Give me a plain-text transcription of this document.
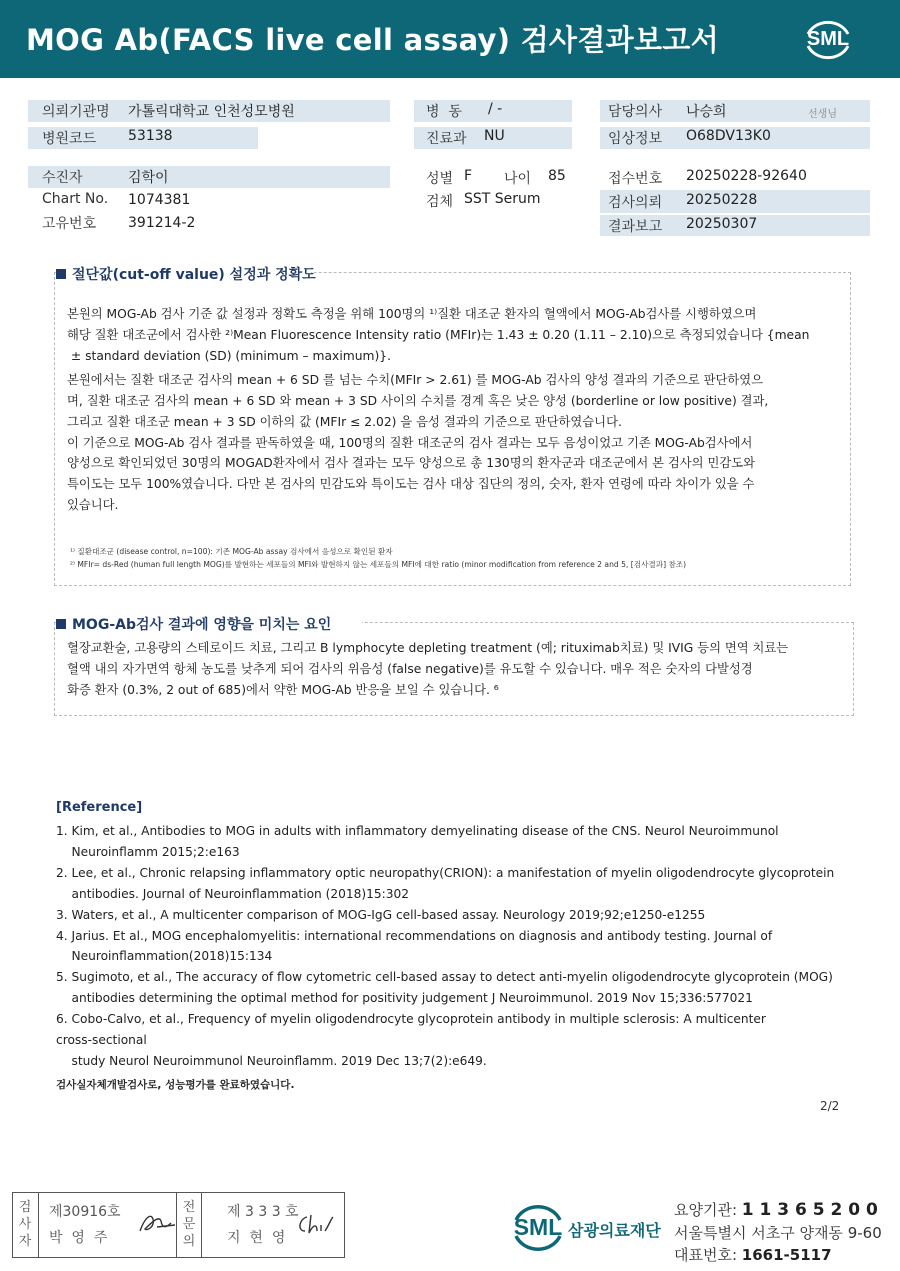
MOG Ab(FACS live cell assay) 검사결과보고서	SML
의뢰기관명 가톨릭대학교 인천성모병원
병원코드 53138
병  동 / -
진료과 NU
담당의사 나승희	선생님
임상정보 O68DV13K0
수진자	김학이
Chart No. 1074381
고유번호 391214-2
성별 F 나이 85
검체 SST Serum
접수번호 20250228-92640
검사의뢰 20250228
결과보고 20250307
절단값(cut-off value) 설정과 정확도
본원의 MOG-Ab 검사 기준 값 설정과 정확도 측정을 위해 100명의 ¹⁾질환 대조군 환자의 혈액에서 MOG-Ab검사를 시행하였으며
해당 질환 대조군에서 검사한 ²⁾Mean Fluorescence Intensity ratio (MFIr)는 1.43 ± 0.20 (1.11 – 2.10)으로 측정되었습니다 {mean
± standard deviation (SD) (minimum – maximum)}.
본원에서는 질환 대조군 검사의 mean + 6 SD 를 넘는 수치(MFIr > 2.61) 를 MOG-Ab 검사의 양성 결과의 기준으로 판단하였으
며, 질환 대조군 검사의 mean + 6 SD 와 mean + 3 SD 사이의 수치를 경계 혹은 낮은 양성 (borderline or low positive) 결과,
그리고 질환 대조군 mean + 3 SD 이하의 값 (MFIr ≤ 2.02) 을 음성 결과의 기준으로 판단하였습니다.
이 기준으로 MOG-Ab 검사 결과를 판독하였을 때, 100명의 질환 대조군의 검사 결과는 모두 음성이었고 기존 MOG-Ab검사에서
양성으로 확인되었던 30명의 MOGAD환자에서 검사 결과는 모두 양성으로 총 130명의 환자군과 대조군에서 본 검사의 민감도와
특이도는 모두 100%였습니다. 다만 본 검사의 민감도와 특이도는 검사 대상 집단의 정의, 숫자, 환자 연령에 따라 차이가 있을 수
있습니다.
¹⁾ 질환대조군 (disease control, n=100): 기존 MOG-Ab assay 검사에서 음성으로 확인된 환자
²⁾ MFIr= ds-Red (human full length MOG)를 발현하는 세포들의 MFI와 발현하지 않는 세포들의 MFI에 대한 ratio (minor modification from reference 2 and 5, [검사결과] 참조)
MOG-Ab검사 결과에 영향을 미치는 요인
혈장교환술, 고용량의 스테로이드 치료, 그리고 B lymphocyte depleting treatment (예; rituximab치료) 및 IVIG 등의 면역 치료는
혈액 내의 자가면역 항체 농도를 낮추게 되어 검사의 위음성 (false negative)를 유도할 수 있습니다. 매우 적은 숫자의 다발성경
화증 환자 (0.3%, 2 out of 685)에서 약한 MOG-Ab 반응을 보일 수 있습니다. ⁶
[Reference]
1. Kim, et al., Antibodies to MOG in adults with inflammatory demyelinating disease of the CNS. Neurol Neuroimmunol
Neuroinflamm 2015;2:e163
2. Lee, et al., Chronic relapsing inflammatory optic neuropathy(CRION): a manifestation of myelin oligodendrocyte glycoprotein
antibodies. Journal of Neuroinflammation (2018)15:302
3. Waters, et al., A multicenter comparison of MOG-IgG cell-based assay. Neurology 2019;92;e1250-e1255
4. Jarius. Et al., MOG encephalomyelitis: international recommendations on diagnosis and antibody testing. Journal of
Neuroinflammation(2018)15:134
5. Sugimoto, et al., The accuracy of flow cytometric cell-based assay to detect anti-myelin oligodendrocyte glycoprotein (MOG)
antibodies determining the optimal method for positivity judgement J Neuroimmunol. 2019 Nov 15;336:577021
6. Cobo-Calvo, et al., Frequency of myelin oligodendrocyte glycoprotein antibody in multiple sclerosis: A multicenter
cross-sectional
study Neurol Neuroimmunol Neuroinflamm. 2019 Dec 13;7(2):e649.
검사실자체개발검사로, 성능평가를 완료하였습니다.
2/2
검사자
제30916호
박  영  주
전문의
제 3 3 3 호
지  현  영	SML 삼광의료재단
요양기관: 1 1 3 6 5 2 0 0
서울특별시 서초구 양재동 9-60
대표번호: 1661-5117
